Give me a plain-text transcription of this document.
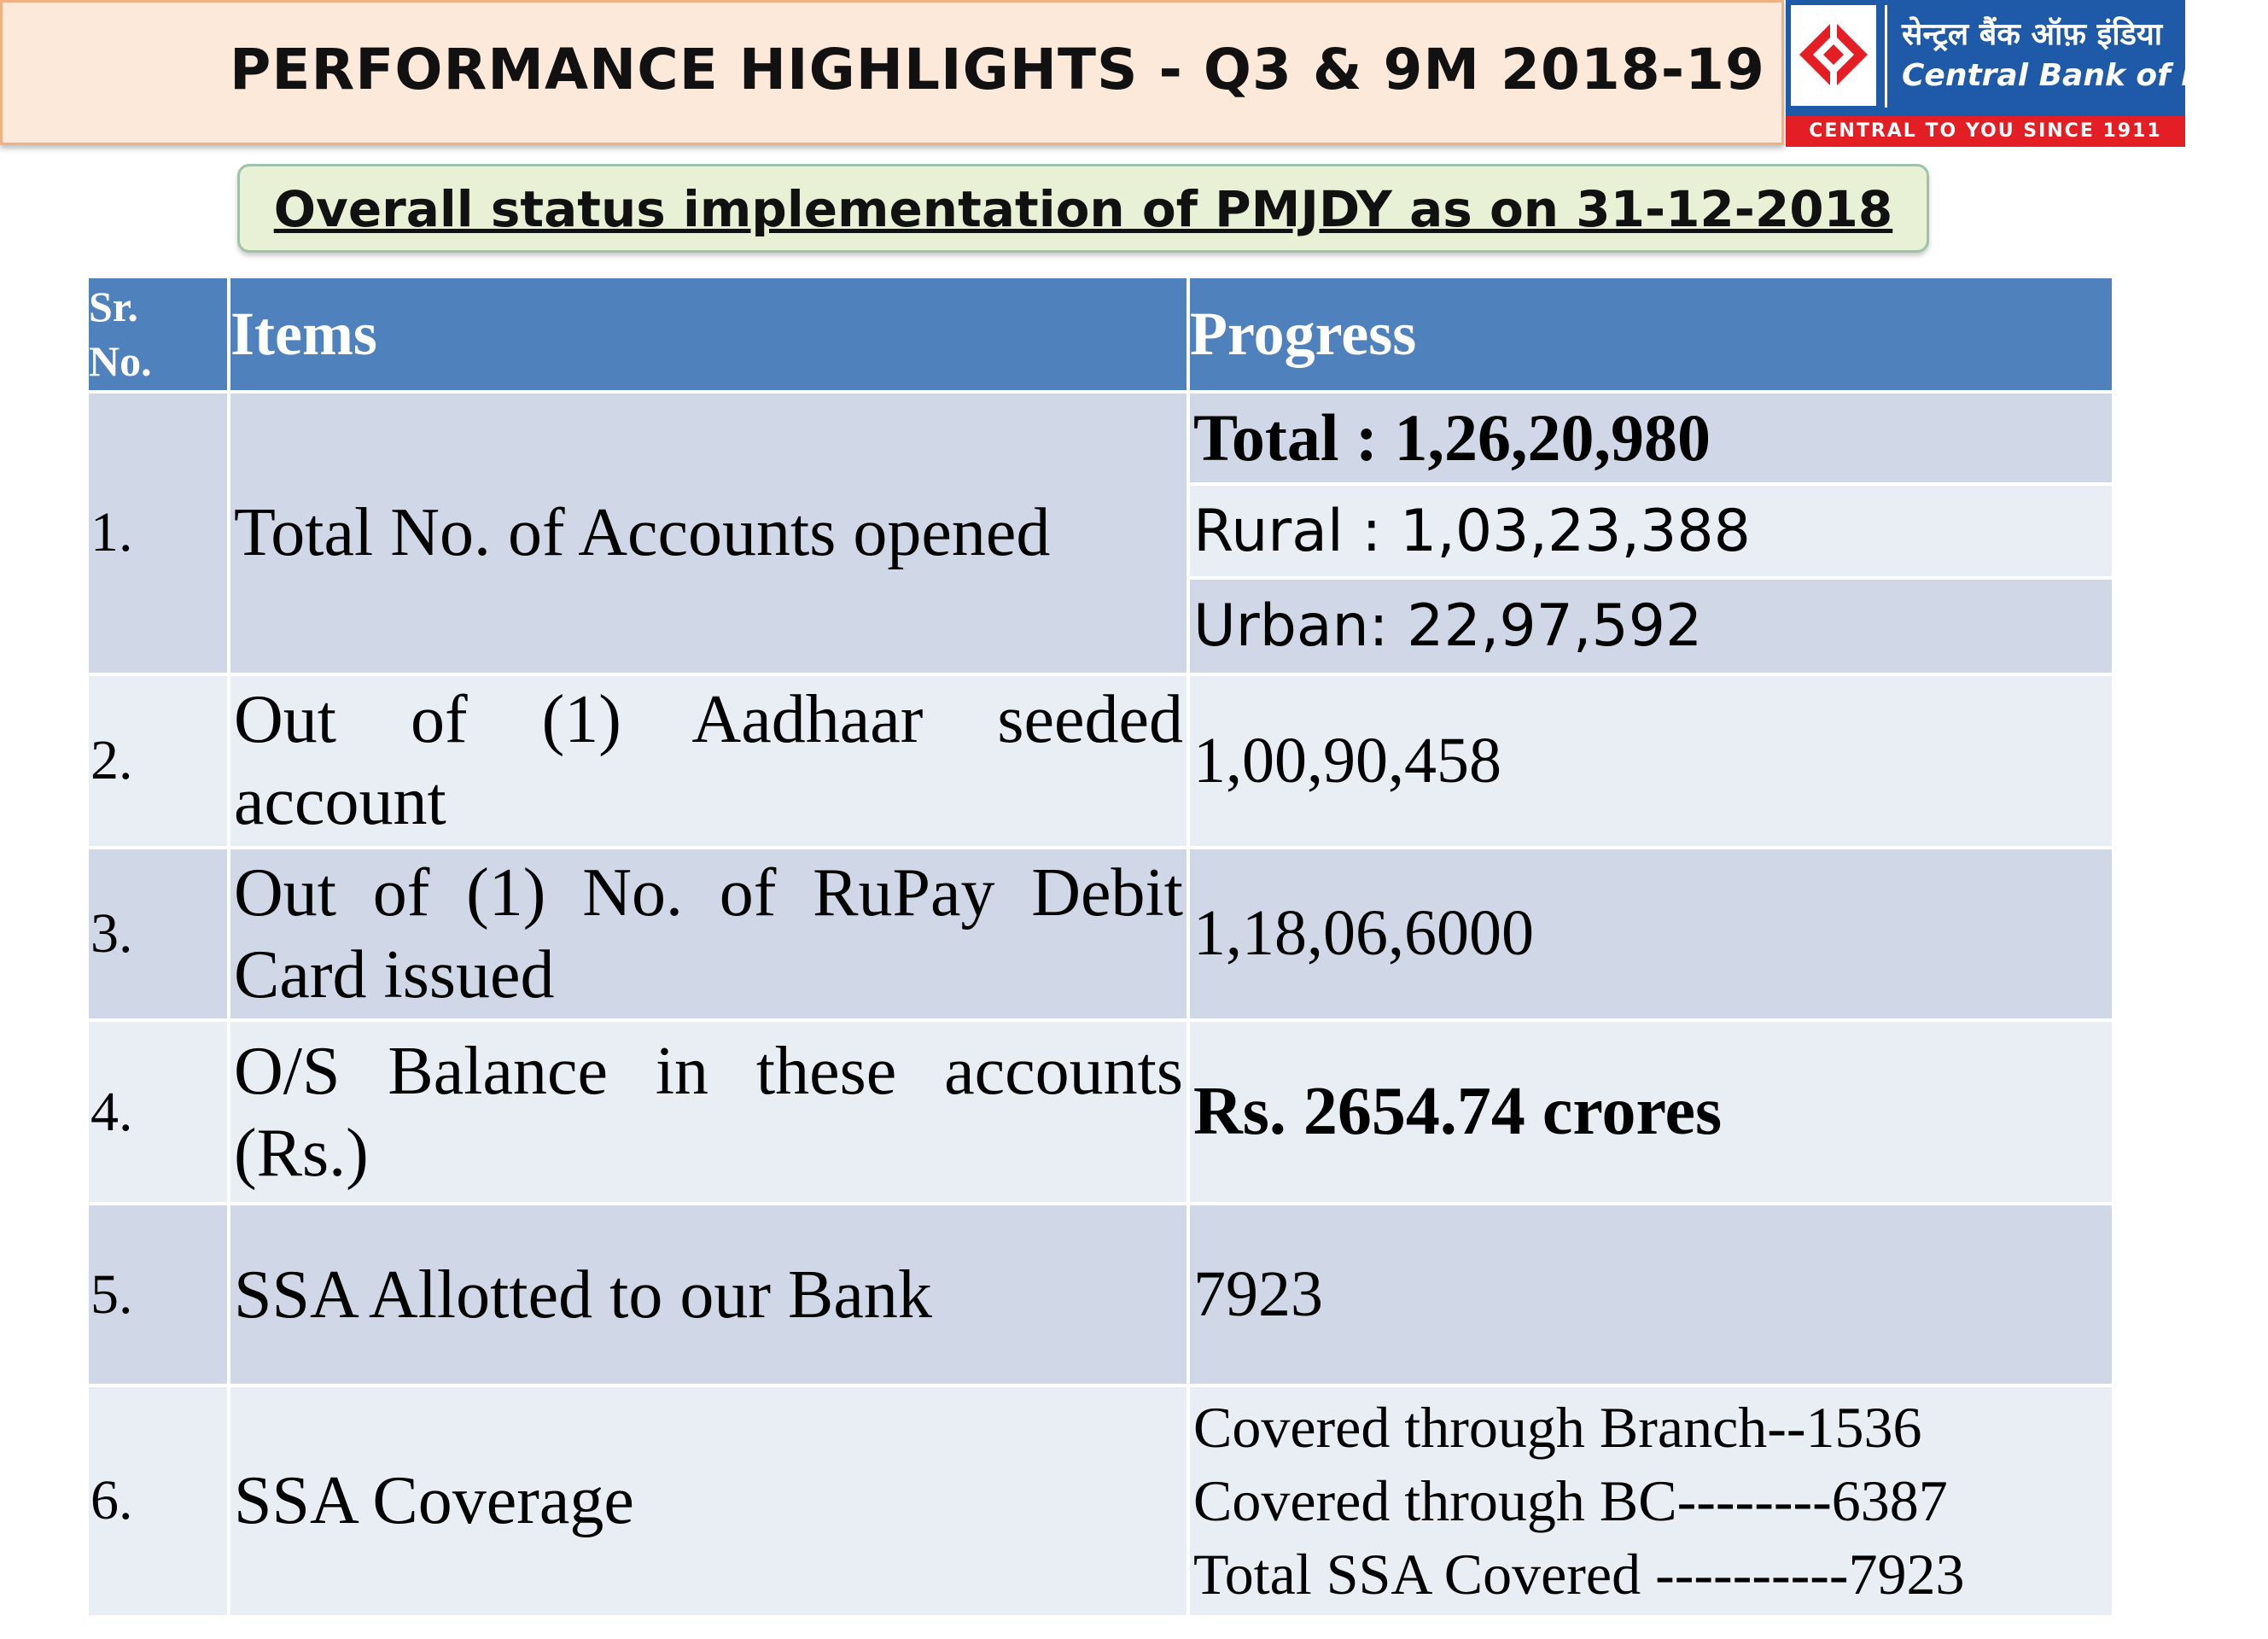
PERFORMANCE HIGHLIGHTS - Q3 & 9M 2018-19
सेन्ट्रल बैंक ऑफ़ इंडिया
Central Bank of India
CENTRAL TO YOU SINCE 1911
Overall status implementation of PMJDY as on 31-12-2018
Sr.
No.	Items	Progress
1.	Total No. of Accounts opened	Total : 1,26,20,980
		Rural : 1,03,23,388
		Urban: 22,97,592
2.	Out of (1) Aadhaar seeded account	1,00,90,458
3.	Out of (1) No. of RuPay Debit Card issued	1,18,06,6000
4.	O/S Balance in these accounts (Rs.)	Rs. 2654.74 crores
5.	SSA Allotted to our Bank	7923
6.	SSA Coverage	Covered through Branch--1536
Covered through BC--------6387
Total SSA Covered ----------7923
